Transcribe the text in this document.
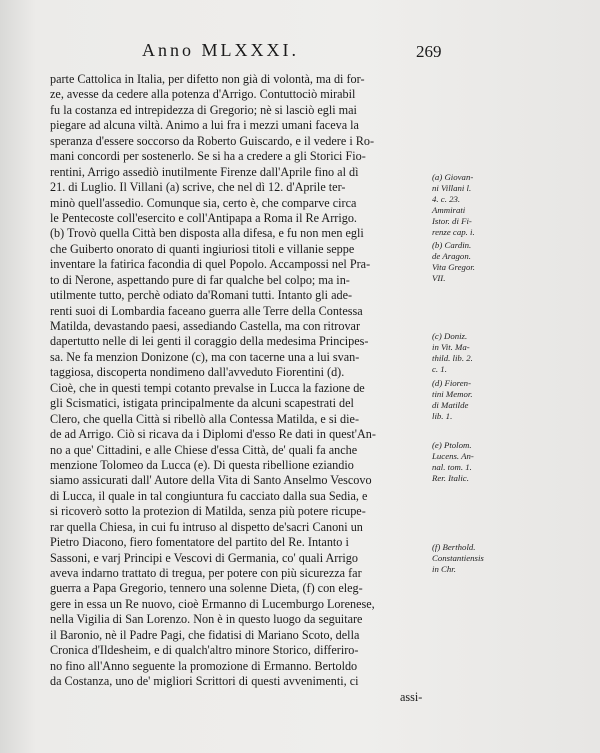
Anno MLXXXI.	269
parte Cattolica in Italia, per difetto non già di volontà, ma di for-
ze, avesse da cedere alla potenza d'Arrigo. Contuttociò mirabil
fu la costanza ed intrepidezza di Gregorio; nè si lasciò egli mai
piegare ad alcuna viltà. Animo a lui fra i mezzi umani faceva la
speranza d'essere soccorso da Roberto Guiscardo, e il vedere i Ro-
mani concordi per sostenerlo. Se si ha a credere a gli Storici Fio-
rentini, Arrigo assediò inutilmente Firenze dall'Aprile fino al dì
21. di Luglio. Il Villani (a) scrive, che nel dì 12. d'Aprile ter-
minò quell'assedio. Comunque sia, certo è, che comparve circa
le Pentecoste coll'esercito e coll'Antipapa a Roma il Re Arrigo.
(b) Trovò quella Città ben disposta alla difesa, e fu non men egli
che Guiberto onorato di quanti ingiuriosi titoli e villanie seppe
inventare la fatirica facondia di quel Popolo. Accampossi nel Pra-
to di Nerone, aspettando pure di far qualche bel colpo; ma in-
utilmente tutto, perchè odiato da'Romani tutti. Intanto gli ade-
renti suoi di Lombardia faceano guerra alle Terre della Contessa
Matilda, devastando paesi, assediando Castella, ma con ritrovar
dapertutto nelle di lei genti il coraggio della medesima Principes-
sa. Ne fa menzion Donizone (c), ma con tacerne una a lui svan-
taggiosa, discoperta nondimeno dall'avveduto Fiorentini (d).
Cioè, che in questi tempi cotanto prevalse in Lucca la fazione de
gli Scismatici, istigata principalmente da alcuni scapestrati del
Clero, che quella Città si ribellò alla Contessa Matilda, e si die-
de ad Arrigo. Ciò si ricava da i Diplomi d'esso Re dati in quest'An-
no a que' Cittadini, e alle Chiese d'essa Città, de' quali fa anche
menzione Tolomeo da Lucca (e). Di questa ribellione eziandio
siamo assicurati dall' Autore della Vita di Santo Anselmo Vescovo
di Lucca, il quale in tal congiuntura fu cacciato dalla sua Sedia, e
si ricoverò sotto la protezion di Matilda, senza più potere ricupe-
rar quella Chiesa, in cui fu intruso al dispetto de'sacri Canoni un
Pietro Diacono, fiero fomentatore del partito del Re. Intanto i
Sassoni, e varj Principi e Vescovi di Germania, co' quali Arrigo
aveva indarno trattato di tregua, per potere con più sicurezza far
guerra a Papa Gregorio, tennero una solenne Dieta, (f) con eleg-
gere in essa un Re nuovo, cioè Ermanno di Lucemburgo Lorenese,
nella Vigilia di San Lorenzo. Non è in questo luogo da seguitare
il Baronio, nè il Padre Pagi, che fidatisi di Mariano Scoto, della
Cronica d'Ildesheim, e di qualch'altro minore Storico, differiro-
no fino all'Anno seguente la promozione di Ermanno. Bertoldo
da Costanza, uno de' migliori Scrittori di questi avvenimenti, ci
assi-
(a) Giovan-
ni Villani l.
4. c. 23.
Ammirati
Istor. di Fi-
renze cap. i.
(b) Cardin.
de Aragon.
Vita Gregor.
VII.
(c) Doniz.
in Vit. Ma-
thild. lib. 2.
c. 1.
(d) Fioren-
tini Memor.
di Matilde
lib. 1.
(e) Ptolom.
Lucens. An-
nal. tom. 1.
Rer. Italic.
(f) Berthold.
Constantiensis
in Chr.
